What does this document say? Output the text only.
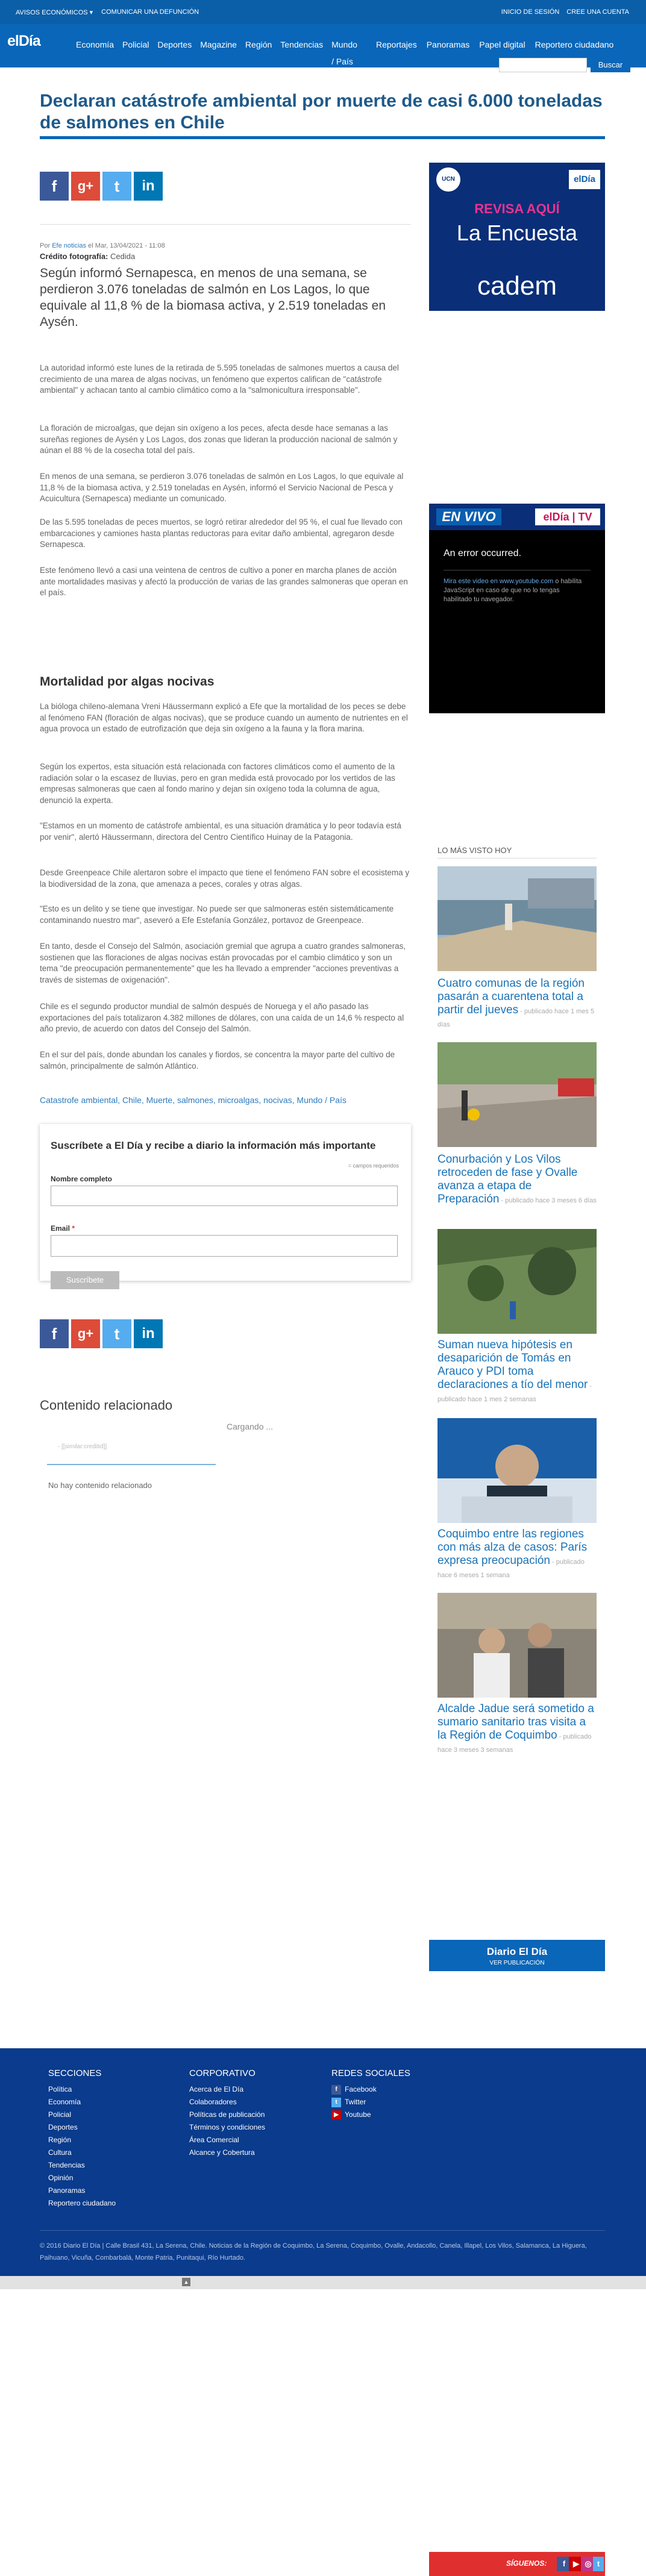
AVISOS ECONÓMICOS ▾ COMUNICAR UNA DEFUNCIÓN	INICIO DE SESIÓN CREE UNA CUENTA
elDía	Economía Policial Deportes Magazine Región Tendencias Mundo / País
Reportajes Panoramas Papel digital Reportero ciudadano
Buscar
Declaran catástrofe ambiental por muerte de casi 6.000 toneladas de salmones en Chile
f	g+	t	in
Por Efe noticias el Mar, 13/04/2021 - 11:08
Crédito fotografía: Cedida
Según informó Sernapesca, en menos de una semana, se perdieron 3.076 toneladas de salmón en Los Lagos, lo que equivale al 11,8 % de la biomasa activa, y 2.519 toneladas en Aysén.
La autoridad informó este lunes de la retirada de 5.595 toneladas de salmones muertos a causa del crecimiento de una marea de algas nocivas, un fenómeno que expertos califican de "catástrofe ambiental" y achacan tanto al cambio climático como a la "salmonicultura irresponsable".
La floración de microalgas, que dejan sin oxígeno a los peces, afecta desde hace semanas a las sureñas regiones de Aysén y Los Lagos, dos zonas que lideran la producción nacional de salmón y aúnan el 88 % de la cosecha total del país.
En menos de una semana, se perdieron 3.076 toneladas de salmón en Los Lagos, lo que equivale al 11,8 % de la biomasa activa, y 2.519 toneladas en Aysén, informó el Servicio Nacional de Pesca y Acuicultura (Sernapesca) mediante un comunicado.
De las 5.595 toneladas de peces muertos, se logró retirar alrededor del 95 %, el cual fue llevado con embarcaciones y camiones hasta plantas reductoras para evitar daño ambiental, agregaron desde Sernapesca.
Este fenómeno llevó a casi una veintena de centros de cultivo a poner en marcha planes de acción ante mortalidades masivas y afectó la producción de varias de las grandes salmoneras que operan en el país.
Mortalidad por algas nocivas
La bióloga chileno-alemana Vreni Häussermann explicó a Efe que la mortalidad de los peces se debe al fenómeno FAN (floración de algas nocivas), que se produce cuando un aumento de nutrientes en el agua provoca un estado de eutrofización que deja sin oxígeno a la fauna y la flora marina.
Según los expertos, esta situación está relacionada con factores climáticos como el aumento de la radiación solar o la escasez de lluvias, pero en gran medida está provocado por los vertidos de las empresas salmoneras que caen al fondo marino y dejan sin oxígeno toda la columna de agua, denunció la experta.
"Estamos en un momento de catástrofe ambiental, es una situación dramática y lo peor todavía está por venir", alertó Häussermann, directora del Centro Científico Huinay de la Patagonia.
Desde Greenpeace Chile alertaron sobre el impacto que tiene el fenómeno FAN sobre el ecosistema y la biodiversidad de la zona, que amenaza a peces, corales y otras algas.
"Esto es un delito y se tiene que investigar. No puede ser que salmoneras estén sistemáticamente contaminando nuestro mar", aseveró a Efe Estefanía González, portavoz de Greenpeace.
En tanto, desde el Consejo del Salmón, asociación gremial que agrupa a cuatro grandes salmoneras, sostienen que las floraciones de algas nocivas están provocadas por el cambio climático y son un tema "de preocupación permanentemente" que les ha llevado a emprender "acciones preventivas a través de sistemas de oxigenación".
Chile es el segundo productor mundial de salmón después de Noruega y el año pasado las exportaciones del país totalizaron 4.382 millones de dólares, con una caída de un 14,6 % respecto al año previo, de acuerdo con datos del Consejo del Salmón.
En el sur del país, donde abundan los canales y fiordos, se concentra la mayor parte del cultivo de salmón, principalmente de salmón Atlántico.
Catastrofe ambiental, Chile, Muerte, salmones, microalgas, nocivas, Mundo / País
Suscríbete a El Día y recibe a diario la información más importante
= campos requeridos
Nombre completo
Email *
Suscríbete
f	g+	t	in
Contenido relacionado
Cargando ...
- [[similar:creditid]]
No hay contenido relacionado
UCN	elDía
REVISA AQUÍ
La Encuesta
cadem
EN VIVO	elDía | TV
An error occurred.
Mira este video en www.youtube.com o habilita JavaScript en caso de que no lo tengas habilitado tu navegador.
SÍGUENOS:	f ▶ ◎ t
LO MÁS VISTO HOY
Cuatro comunas de la región pasarán a cuarentena total a partir del jueves - publicado hace 1 mes 5 días
Conurbación y Los Vilos retroceden de fase y Ovalle avanza a etapa de Preparación - publicado hace 3 meses 6 días
Suman nueva hipótesis en desaparición de Tomás en Arauco y PDI toma declaraciones a tío del menor - publicado hace 1 mes 2 semanas
Coquimbo entre las regiones con más alza de casos: París expresa preocupación - publicado hace 6 meses 1 semana
Alcalde Jadue será sometido a sumario sanitario tras visita a la Región de Coquimbo - publicado hace 3 meses 3 semanas
Diario El Día
VER PUBLICACIÓN
SECCIONES
Política
Economía
Policial
Deportes
Región
Cultura
Tendencias
Opinión
Panoramas
Reportero ciudadano
CORPORATIVO
Acerca de El Día
Colaboradores
Políticas de publicación
Términos y condiciones
Área Comercial
Alcance y Cobertura
REDES SOCIALES
f	Facebook
t	Twitter
▶ Youtube
© 2016 Diario El Día | Calle Brasil 431, La Serena, Chile. Noticias de la Región de Coquimbo, La Serena, Coquimbo, Ovalle, Andacollo, Canela, Illapel, Los Vilos, Salamanca, La Higuera, Paihuano, Vicuña, Combarbalá, Monte Patria, Punitaqui, Río Hurtado.
▲
